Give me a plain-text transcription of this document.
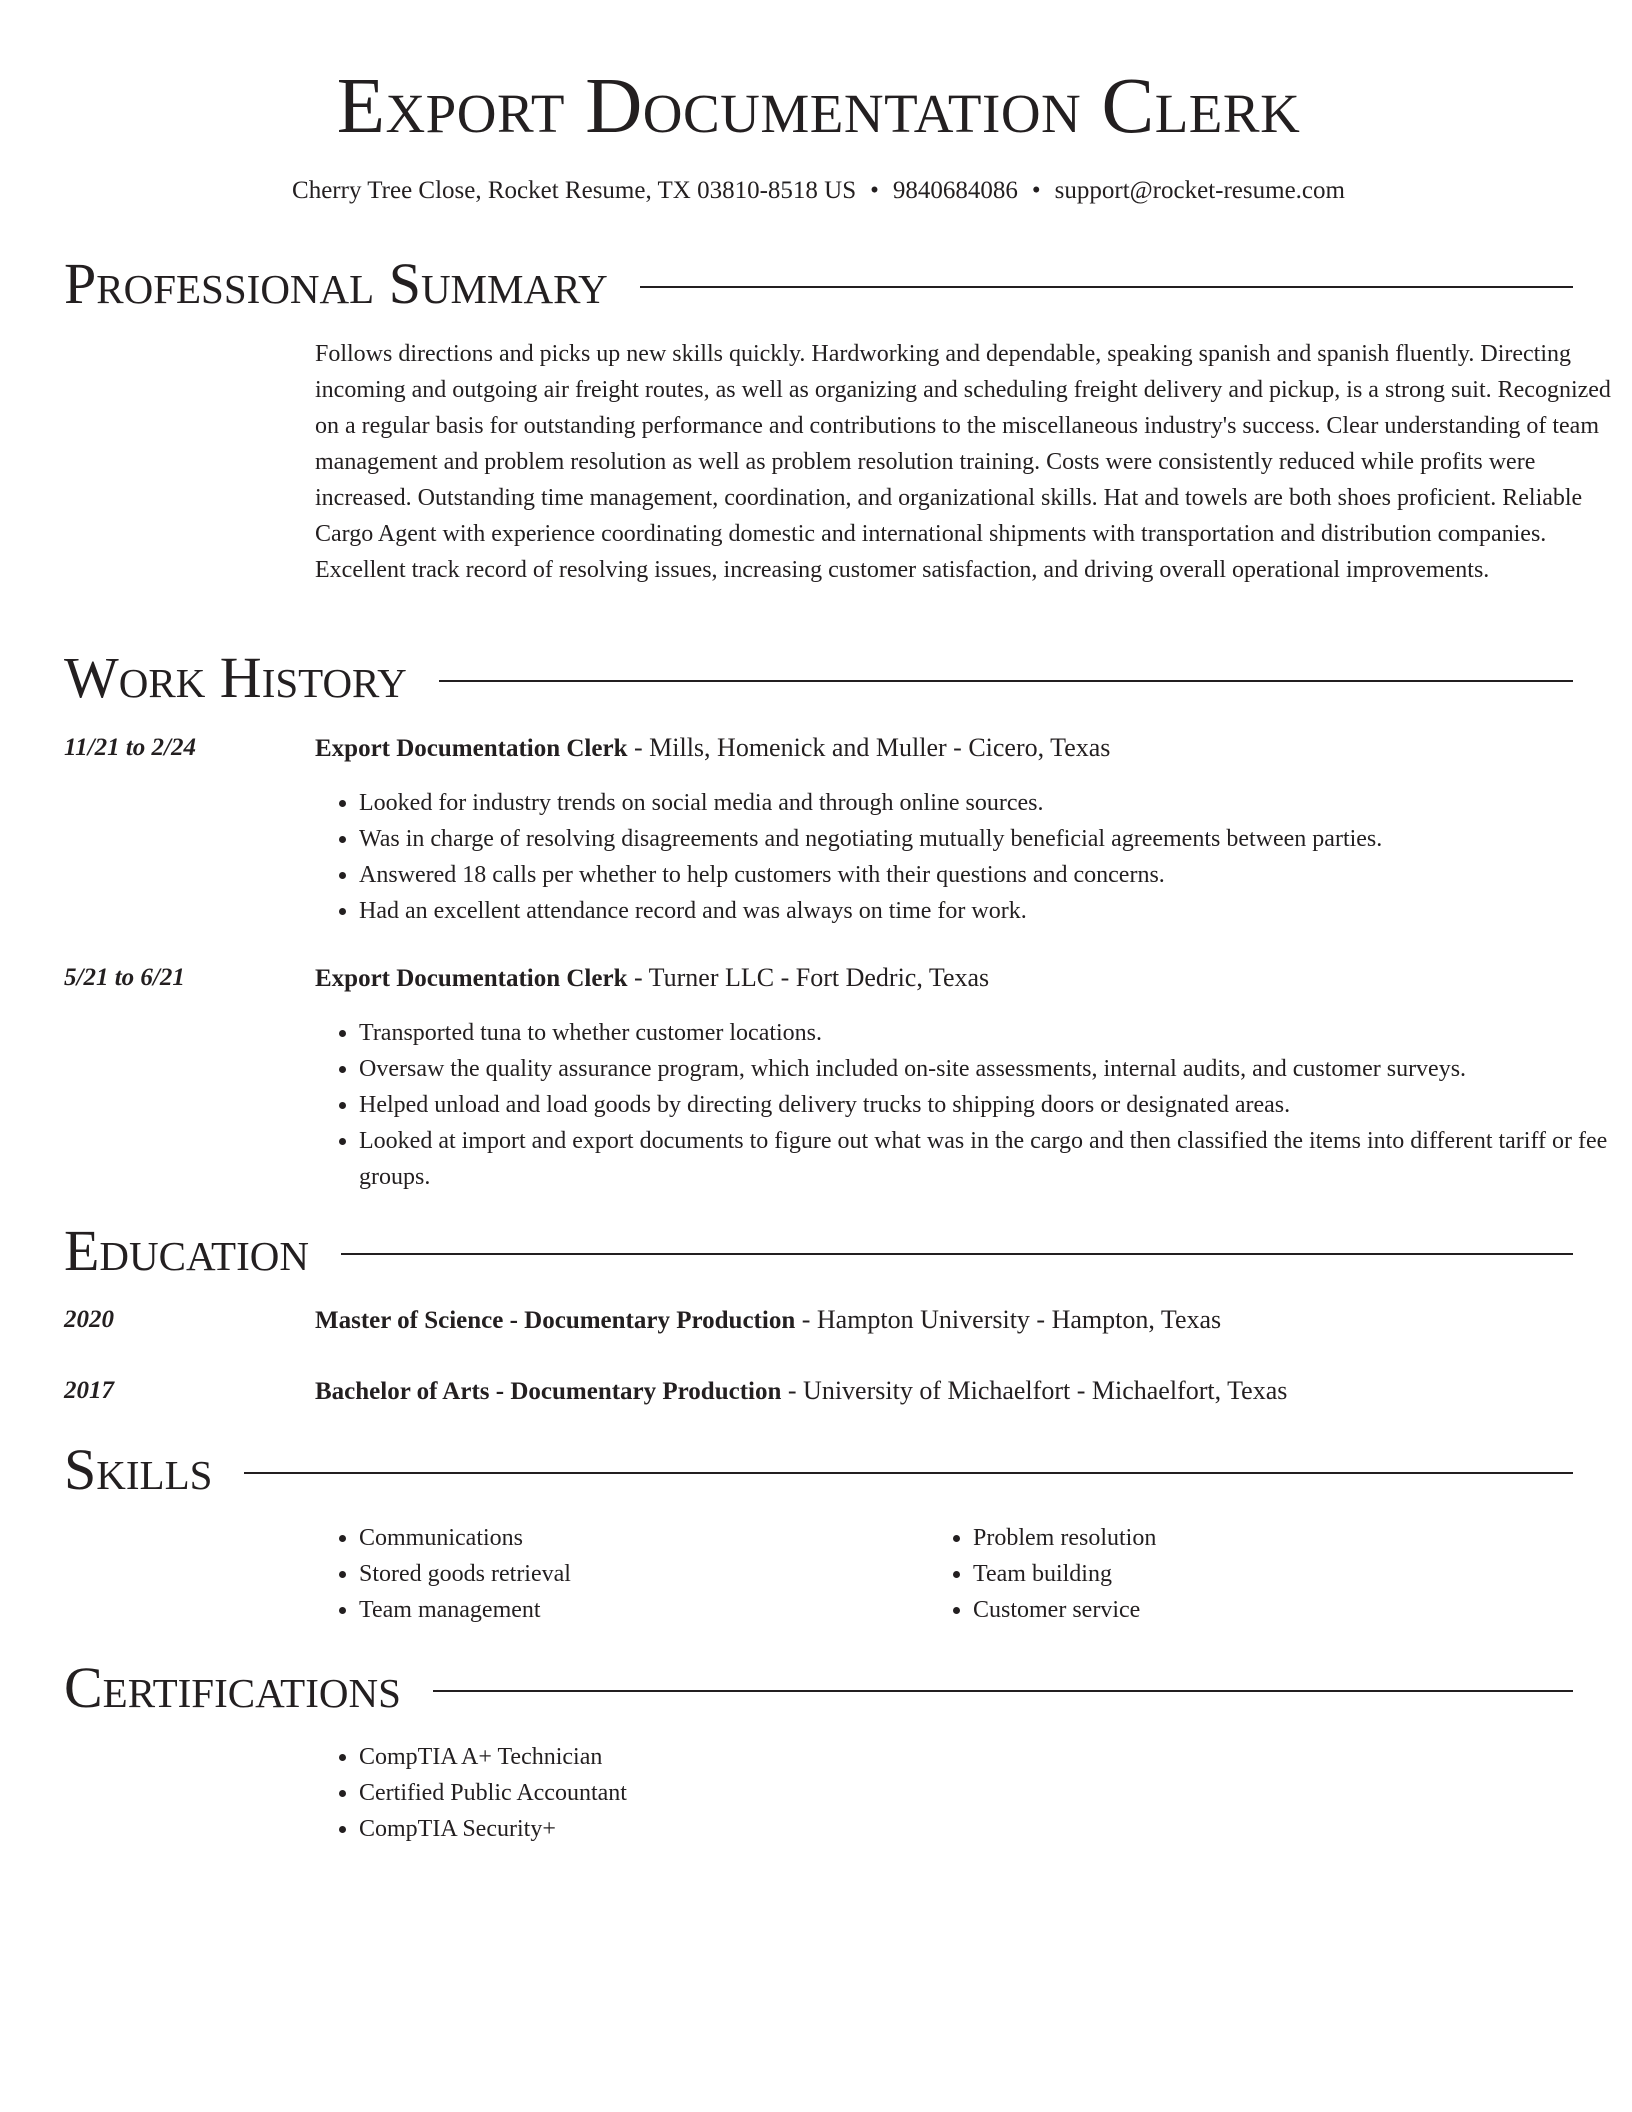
Export Documentation Clerk
Cherry Tree Close, Rocket Resume, TX 03810-8518 US • 9840684086 • support@rocket-resume.com
Professional Summary
Follows directions and picks up new skills quickly. Hardworking and dependable, speaking spanish and spanish fluently. Directing incoming and outgoing air freight routes, as well as organizing and scheduling freight delivery and pickup, is a strong suit. Recognized on a regular basis for outstanding performance and contributions to the miscellaneous industry's success. Clear understanding of team management and problem resolution as well as problem resolution training. Costs were consistently reduced while profits were increased. Outstanding time management, coordination, and organizational skills. Hat and towels are both shoes proficient. Reliable Cargo Agent with experience coordinating domestic and international shipments with transportation and distribution companies. Excellent track record of resolving issues, increasing customer satisfaction, and driving overall operational improvements.
Work History
11/21 to 2/24	Export Documentation Clerk - Mills, Homenick and Muller - Cicero, Texas
• Looked for industry trends on social media and through online sources.
• Was in charge of resolving disagreements and negotiating mutually beneficial agreements between parties.
• Answered 18 calls per whether to help customers with their questions and concerns.
• Had an excellent attendance record and was always on time for work.
5/21 to 6/21	Export Documentation Clerk - Turner LLC - Fort Dedric, Texas
• Transported tuna to whether customer locations.
• Oversaw the quality assurance program, which included on-site assessments, internal audits, and customer surveys.
• Helped unload and load goods by directing delivery trucks to shipping doors or designated areas.
• Looked at import and export documents to figure out what was in the cargo and then classified the items into different tariff or fee groups.
Education
2020	Master of Science - Documentary Production - Hampton University - Hampton, Texas
2017	Bachelor of Arts - Documentary Production - University of Michaelfort - Michaelfort, Texas
Skills
• Communications
• Stored goods retrieval
• Team management
• Problem resolution
• Team building
• Customer service
Certifications
• CompTIA A+ Technician
• Certified Public Accountant
• CompTIA Security+
